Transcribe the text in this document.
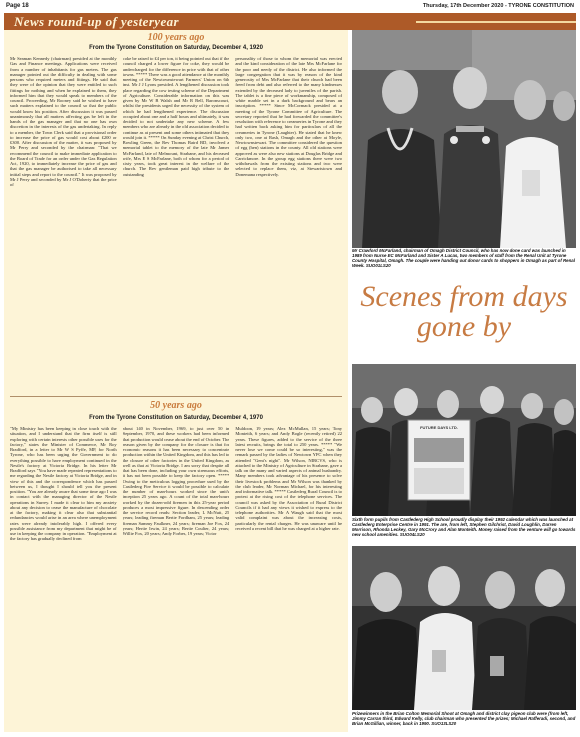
Page 18	Thursday, 17th December 2020 - TYRONE CONSTITUTION
News round-up of yesteryear
100 years ago
From the Tyrone Constitution on Saturday, December 4, 1920

Mr Seaman Kennedy (chairman) presided at the monthly Gas and Finance meetings. Applications were received from a number of inhabitants for gas meters. The gas manager pointed out the difficulty in dealing with some persons who required meters and fittings. He said that they were of the opinion that they were entitled to such fittings for nothing and when he explained to them, they informed him that they would speak to members of the council. Proceeding, Mr Rooney said he wished to have such matters explained to the council so that the public would know his position. After discussion it was passed unanimously that all matters affecting gas be left in the hands of the gas manager and that no one has own discretion in the interests of the gas undertaking. In reply to a member, the Town Clerk said that a provisional order to increase the price of gas would cost about £200 or £300. After discussion of the matter, it was proposed by Mr Perry and seconded by the chairman: "That we recommend the council to make immediate application to the Board of Trade for an order under the Gas Regulation Act, 1920, to immediately increase the price of gas and that the gas manager be authorised to take all necessary initial steps and report to the council." It was proposed by Mr J Perry and seconded by Mr J O'Doherty that the price of

coke be raised to £4 per ton, it being pointed out that if the council charged a lower figure for coke, they would be undercharged for the difference in price with that of other towns. ***** There was a good attendance at the monthly meeting of the Newtownstewart Farmers' Union on 6th inst. Mr J J Lyons presided. A lengthened discussion took place regarding the cow testing scheme of the Department of Agriculture. Considerable information on this was given by Mr W B Walsh and Mr R Bell, Baronscourt, whilst the presidents urged the necessity of the system of which he had lengthened experience. The discussion occupied about one and a half hours and ultimately, it was decided to not undertake any new scheme. A few members who are already in the old association decided to continue as at present and some others intimated that they would join it. ***** On Sunday evening at Christ Church, Bowling Green, the Rev Thomas Baird BD, involved a memorial tablet to the memory of the late Mr James McFarland, late of Melmount, Strabane, and his deceased wife, Mrs E S McFarlane, both of whom for a period of sixty years, took great interest in the welfare of the church. The Rev gentleman paid high tribute to the outstanding

personality of those to whom the memorial was erected and the kind consideration of the late Mrs McFarlane for the poor and needy of the district. He also informed the large congregation that it was by reason of the kind generosity of Mrs McFarlane that their church had been freed from debt and also referred to the many kindnesses extended by the deceased lady to juveniles of the parish. The tablet is a fine piece of workmanship, composed of white marble set in a dark background and bears an inscription. ***** Since McCormack presided at a meeting of the Tyrone Committee of Agriculture. The secretary reported that he had forwarded the committee's resolution with reference to creameries in Tyrone and they had written back asking him for particulars of all the creameries in Tyrone (Laughter). He stated that he knew only two, one at Rash, Omagh and the other at Moyle, Newtownstewart. The committee considered the question of egg (hen) stations in the county. All old stations were approved as were also new stations at Douglas Bridge and Carrickmore. In the group egg stations there were two withdrawals from the existing stations and two were selected to replace them, viz, at Stewartstown and Donemana respectively.

50 years ago
From the Tyrone Constitution on Saturday, December 4, 1970

"My Ministry has been keeping in close touch with the situation, and I understand that the firm itself is still exploring with certain interests other possible uses for the factory," states the Minister of Commerce, Mr Roy Bradford, in a letter to Mr W S Pyffe, MP, for North Tyrone, who has been urging the Government to do everything possible to have employment continued in the Nestle's factory at Victoria Bridge. In his letter Mr Bradford says "You have made repeated representations to me regarding the Nestle factory at Victoria Bridge, and in view of this and the correspondence which has passed between us, I thought I should tell you the present position. "You are already aware that some time ago I was in contact with the managing director of the Nestle operations in Surrey. I made it clear to him my anxiety about any decision to cease the manufacture of chocolate at the factory, making it clear also that substantial redundancies would arise in an area where unemployment rates were already intolerably high. I offered every possible assistance from my department that might be of use in keeping the company in operation. "Employment at the factory has gradually declined from

about 140 in November, 1969, to just over 50 in September, 1970, and these workers had been informed that production would cease about the end of October. The reason given by the company for the closure is that for economic reasons it has been necessary to concentrate production within the United Kingdom, and this has led to the closure of other factories in the United Kingdom, as well as that at Victoria Bridge. I am sorry that despite all that has been done, including your own strenuous efforts, it has not been possible to keep the factory open. ***** Owing to the meticulous logging procedure used by the Castlederg Fire Service it would be possible to calculate the number of man-hours worked since the unit's inception 25 years ago. A count of the total man-hours worked by the dozen-odd firemen in this 25-year period produces a most impressive figure. In descending order the service record reads: Section leader, L McNutt, 25 years; leading fireman Bertie Fordham, 25 years; leading fireman Sammy Faulkner, 24 years; fireman Joe Fox, 24 years; Hertie Irwin, 24 years; Bertie Coulter, 24 years; Willie Fox, 20 years; Andy Forbes, 19 years; Victor

Muldoon, 19 years; Alex McMullan, 15 years; Tony Monteith, 6 years; and Andy Bogle (recently retired) 22 years. These figures, added to the service of the three latest recruits, brings the total to 250 years. ***** "We never lose we come could be so interesting," was the remark passed by the ladies of Newtown YFC when they attended "Gent's night". Mr Wilson, NIRCVS, who is attached to the Ministry of Agriculture in Strabane, gave a talk on the many and varied aspects of animal husbandry. Many members took advantage of his presence to solve their livestock problems and Mr Wilson was thanked by the club leader, Mr Norman Michael, for his interesting and informative talk. ***** Castlederg Rural Council is to protest at the rising cost of the telephone services. The council was asked by the Association of Rural District Councils if it had any views it wished to express to the telephone authorities. Mr A Waugh said that the most valid complaint was about the increasing costs, particularly the rental charges. He was unaware until he received a recent bill that he was charged at a higher rate.

Mr Crawford McFarland, chairman of Omagh District Council, who has now done card was launched in 1989 from Nurse EC McFarland and Sister A Lucas, two members of staff from the Renal Unit at Tyrone County Hospital, Omagh. The couple were handing out donor cards to shoppers in Omagh as part of Renal Week. SUO01LS20
Scenes from days gone by
FUTURE DAYS LTD.
Sixth form pupils from Castlederg High School proudly display their 1992 calendar which was launched at Castlederg Enterprise Centre in 1991. The are, from left, Stephen Gilchrist, David Loughlin, Darren Morrison, Rhonda Leckey, Gary McCrory and Alan Monteith. Money raised from the venture will go towards new school amenities. SUO04LS20
Prizewinners in the Brian Colton Memorial Shoot at Omagh and district clay pigeon club were (from left, Jimmy Carran third, Edward Kelly, club chairman who presented the prizes; Michael Rafferadi, second, and Brian McGillian, winner, back in 1990. SUO13LS20
